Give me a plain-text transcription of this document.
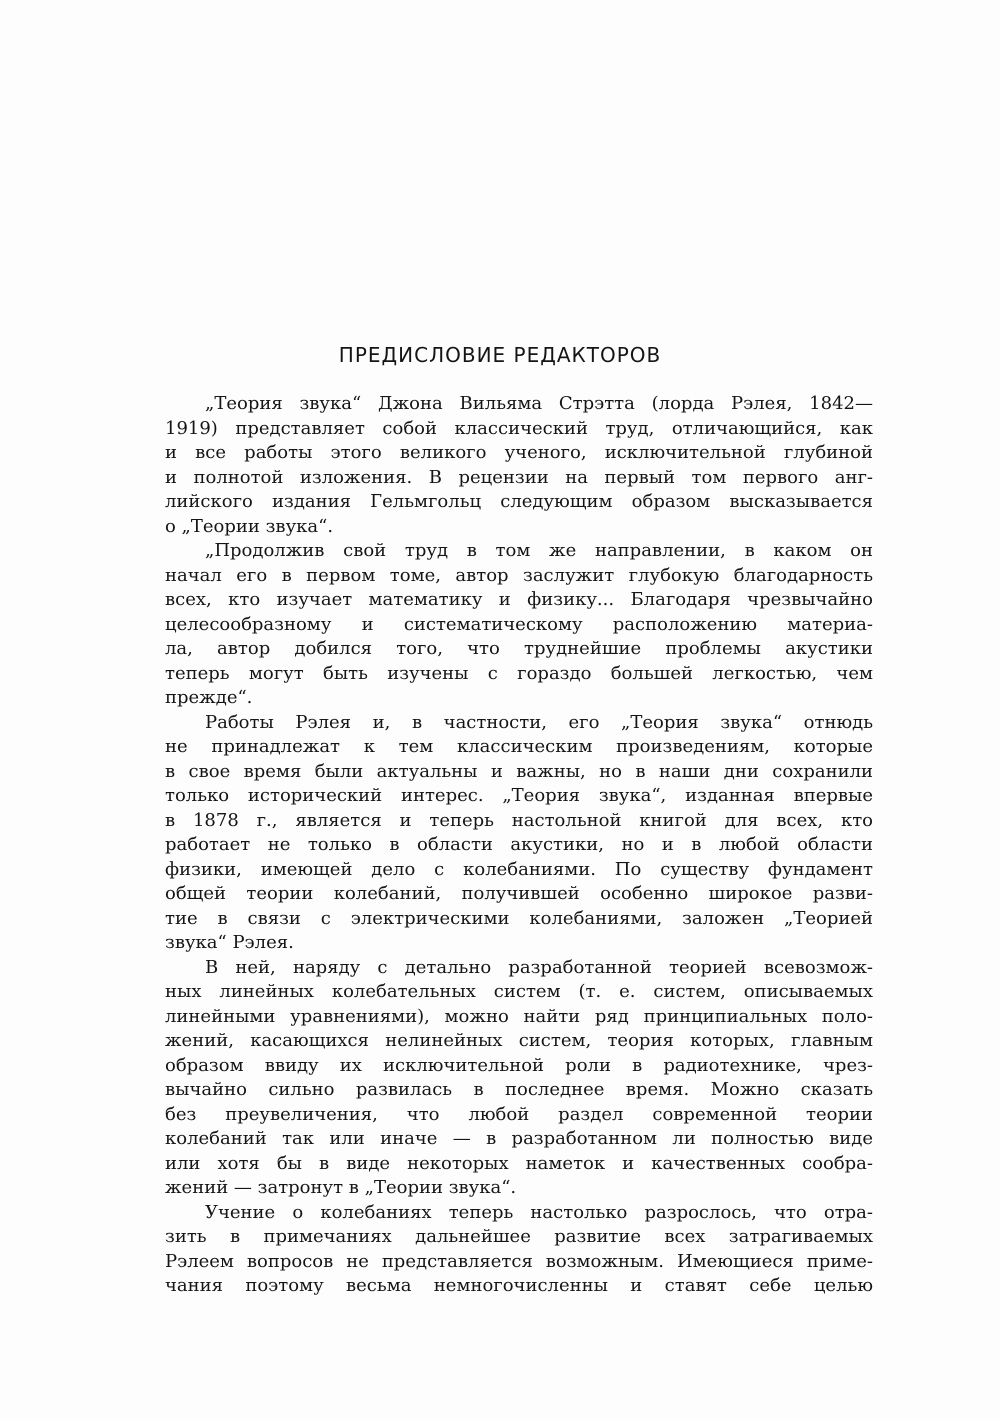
ПРЕДИСЛОВИЕ РЕДАКТОРОВ
„Теория звука“ Джона Вильяма Стрэтта (лорда Рэлея, 1842—
1919) представляет собой классический труд, отличающийся, как
и все работы этого великого ученого, исключительной глубиной
и полнотой изложения. В рецензии на первый том первого анг-
лийского издания Гельмгольц следующим образом высказывается
о „Теории звука“.
„Продолжив свой труд в том же направлении, в каком он
начал его в первом томе, автор заслужит глубокую благодарность
всех, кто изучает математику и физику... Благодаря чрезвычайно
целесообразному и систематическому расположению материа-
ла, автор добился того, что труднейшие проблемы акустики
теперь могут быть изучены с гораздо большей легкостью, чем
прежде“.
Работы Рэлея и, в частности, его „Теория звука“ отнюдь
не принадлежат к тем классическим произведениям, которые
в свое время были актуальны и важны, но в наши дни сохранили
только исторический интерес. „Теория звука“, изданная впервые
в 1878 г., является и теперь настольной книгой для всех, кто
работает не только в области акустики, но и в любой области
физики, имеющей дело с колебаниями. По существу фундамент
общей теории колебаний, получившей особенно широкое разви-
тие в связи с электрическими колебаниями, заложен „Теорией
звука“ Рэлея.
В ней, наряду с детально разработанной теорией всевозмож-
ных линейных колебательных систем (т. е. систем, описываемых
линейными уравнениями), можно найти ряд принципиальных поло-
жений, касающихся нелинейных систем, теория которых, главным
образом ввиду их исключительной роли в радиотехнике, чрез-
вычайно сильно развилась в последнее время. Можно сказать
без преувеличения, что любой раздел современной теории
колебаний так или иначе — в разработанном ли полностью виде
или хотя бы в виде некоторых наметок и качественных сообра-
жений — затронут в „Теории звука“.
Учение о колебаниях теперь настолько разрослось, что отра-
зить в примечаниях дальнейшее развитие всех затрагиваемых
Рэлеем вопросов не представляется возможным. Имеющиеся приме-
чания поэтому весьма немногочисленны и ставят себе целью
